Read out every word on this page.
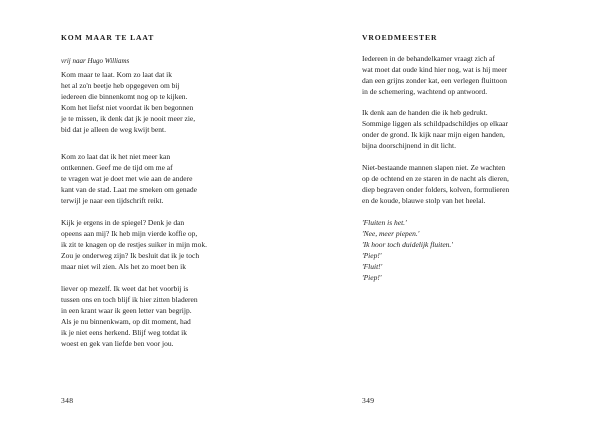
KOM MAAR TE LAAT
vrij naar Hugo Williams
Kom maar te laat. Kom zo laat dat ik
het al zo'n beetje heb opgegeven om bij
iedereen die binnenkomt nog op te kijken.
Kom het liefst niet voordat ik ben begonnen
je te missen, ik denk dat jk je nooit meer zie,
bid dat je alleen de weg kwijt bent.
Kom zo laat dat ik het niet meer kan
ontkennen. Geef me de tijd om me af
te vragen wat je doet met wie aan de andere
kant van de stad. Laat me smeken om genade
terwijl je naar een tijdschrift reikt.
Kijk je ergens in de spiegel? Denk je dan
opeens aan mij? Ik heb mijn vierde koffie op,
ik zit te knagen op de restjes suiker in mijn mok.
Zou je onderweg zijn? Ik besluit dat ik je toch
maar niet wil zien. Als het zo moet ben ik
liever op mezelf. Ik weet dat het voorbij is
tussen ons en toch blijf ik hier zitten bladeren
in een krant waar ik geen letter van begrijp.
Als je nu binnenkwam, op dit moment, had
ik je niet eens herkend. Blijf weg totdat ik
woest en gek van liefde ben voor jou.
348
VROEDMEESTER
Iedereen in de behandelkamer vraagt zich af
wat moet dat oude kind hier nog, wat is hij meer
dan een grijns zonder kat, een verlegen fluittoon
in de schemering, wachtend op antwoord.
Ik denk aan de handen die ik heb gedrukt.
Sommige liggen als schildpadschildjes op elkaar
onder de grond. Ik kijk naar mijn eigen handen,
bijna doorschijnend in dit licht.
Niet-bestaande mannen slapen niet. Ze wachten
op de ochtend en ze staren in de nacht als dieren,
diep begraven onder folders, kolven, formulieren
en de koude, blauwe stolp van het heelal.
'Fluiten is het.'
'Nee, meer piepen.'
'Ik hoor toch duidelijk fluiten.'
'Piep!'
'Fluit!'
'Piep!'
349
